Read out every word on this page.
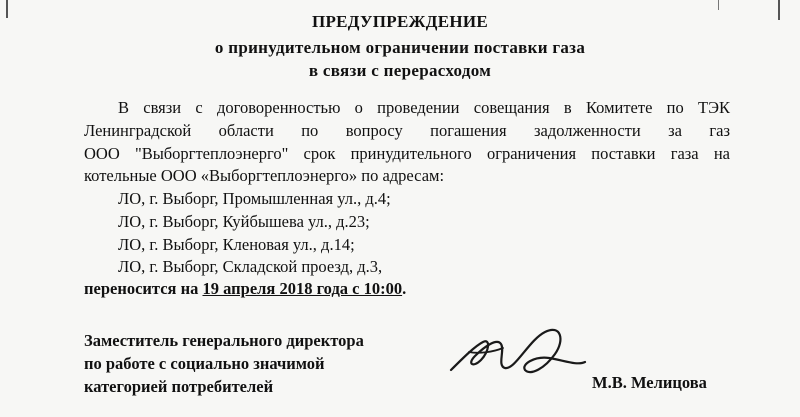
ПРЕДУПРЕЖДЕНИЕ
о принудительном ограничении поставки газа
в связи с перерасходом
В связи с договоренностью о проведении совещания в Комитете по ТЭК
Ленинградской области по вопросу погашения задолженности за газ
ООО "Выборгтеплоэнерго" срок принудительного ограничения поставки газа на
котельные ООО «Выборгтеплоэнерго» по адресам:
ЛО, г. Выборг, Промышленная ул., д.4;
ЛО, г. Выборг, Куйбышева ул., д.23;
ЛО, г. Выборг, Кленовая ул., д.14;
ЛО, г. Выборг, Складской проезд, д.3,
переносится на 19 апреля 2018 года с 10:00.
Заместитель генерального директора
по работе с социально значимой
категорией потребителей	М.В. Мелицова
